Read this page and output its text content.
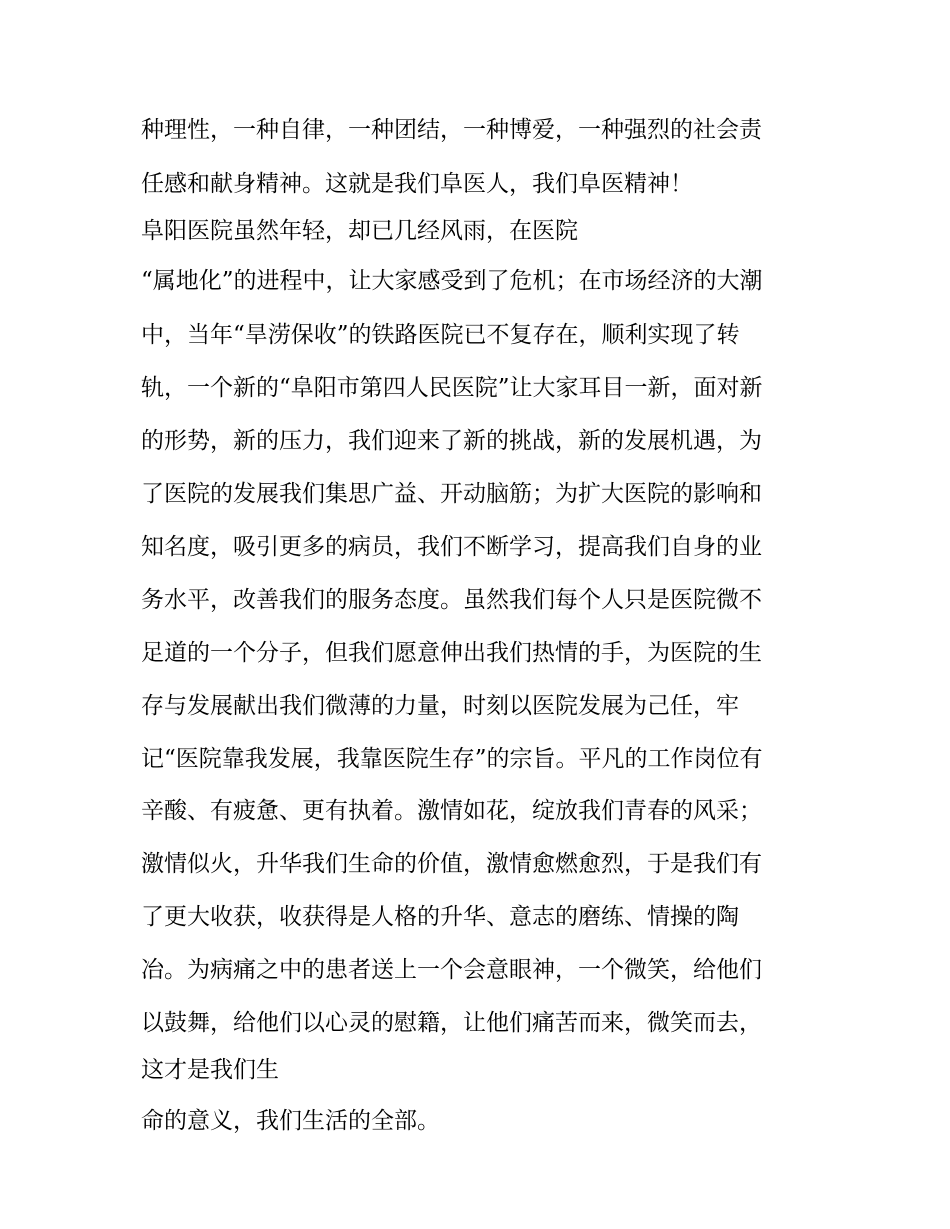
种理性，一种自律，一种团结，一种博爱，一种强烈的社会责

任感和献身精神。这就是我们阜医人，我们阜医精神！

阜阳医院虽然年轻，却已几经风雨，在医院

“属地化”的进程中，让大家感受到了危机；在市场经济的大潮

中，当年“旱涝保收”的铁路医院已不复存在，顺利实现了转

轨，一个新的“阜阳市第四人民医院”让大家耳目一新，面对新

的形势，新的压力，我们迎来了新的挑战，新的发展机遇，为

了医院的发展我们集思广益、开动脑筋；为扩大医院的影响和

知名度，吸引更多的病员，我们不断学习，提高我们自身的业

务水平，改善我们的服务态度。虽然我们每个人只是医院微不

足道的一个分子，但我们愿意伸出我们热情的手，为医院的生

存与发展献出我们微薄的力量，时刻以医院发展为己任，牢

记“医院靠我发展，我靠医院生存”的宗旨。平凡的工作岗位有

辛酸、有疲惫、更有执着。激情如花，绽放我们青春的风采；

激情似火，升华我们生命的价值，激情愈燃愈烈，于是我们有

了更大收获，收获得是人格的升华、意志的磨练、情操的陶

冶。为病痛之中的患者送上一个会意眼神，一个微笑，给他们

以鼓舞，给他们以心灵的慰籍，让他们痛苦而来，微笑而去，

这才是我们生

命的意义，我们生活的全部。
